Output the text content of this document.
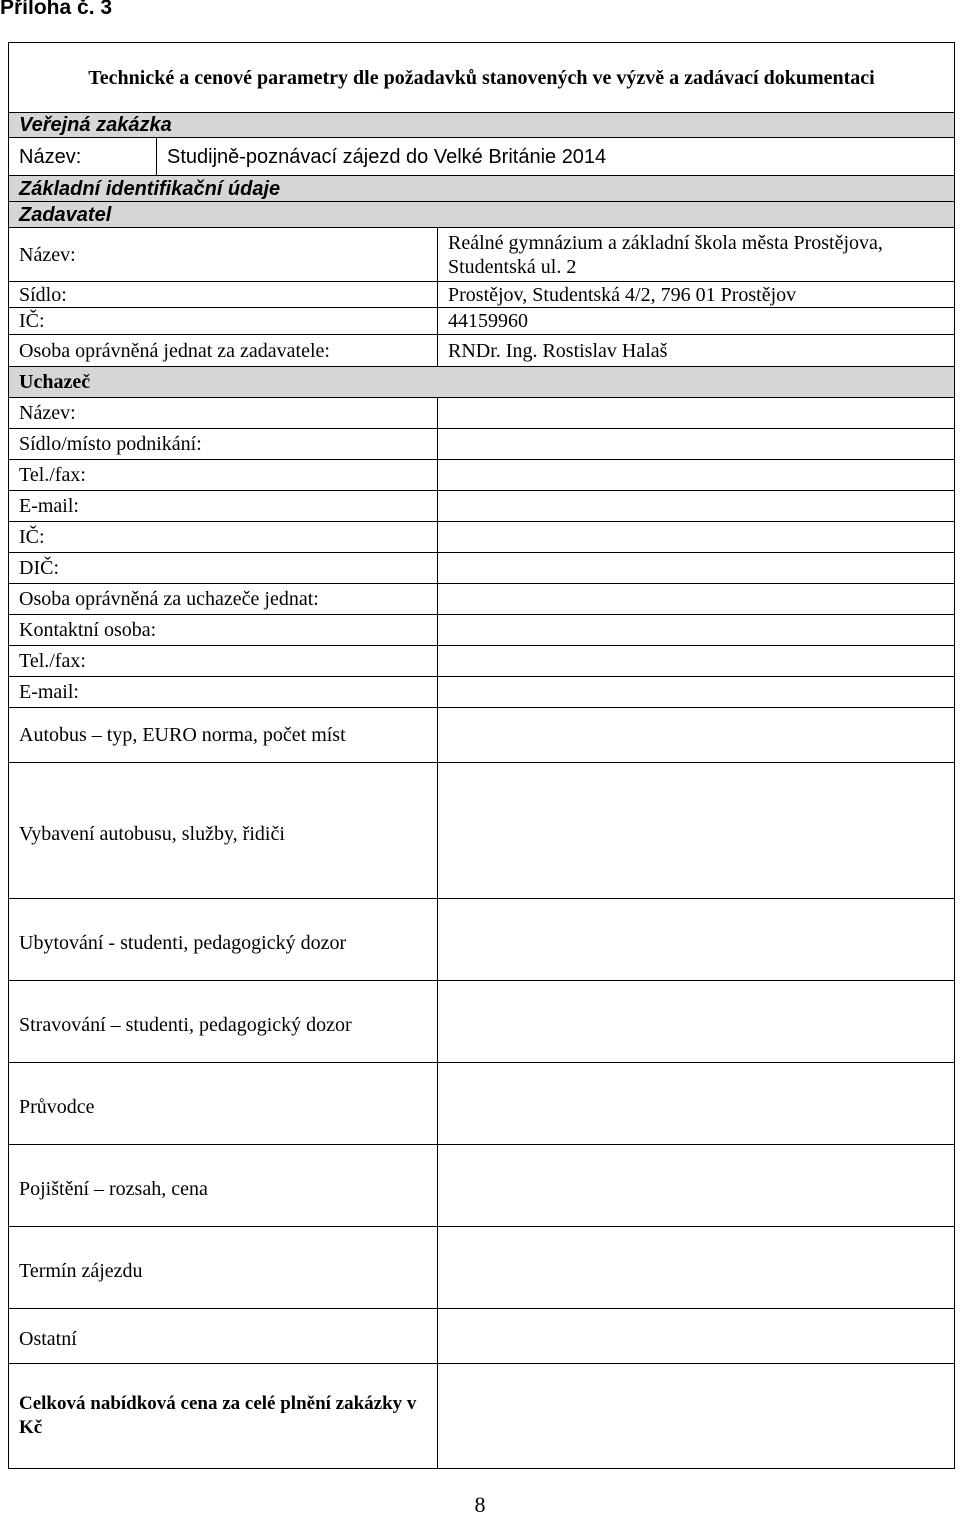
Příloha č. 3
Technické a cenové parametry dle požadavků stanovených ve výzvě a zadávací dokumentaci		
Veřejná zakázka		
Název:	Studijně-poznávací zájezd do Velké Británie 2014	
Základní identifikační údaje		
Zadavatel		
Název:		Reálné gymnázium a základní škola města Prostějova, Studentská ul. 2
Sídlo:		Prostějov, Studentská 4/2, 796 01 Prostějov
IČ:		44159960
Osoba oprávněná jednat za zadavatele:		RNDr. Ing. Rostislav Halaš
Uchazeč		
Název:		
Sídlo/místo podnikání:		
Tel./fax:		
E-mail:		
IČ:		
DIČ:		
Osoba oprávněná za uchazeče jednat:		
Kontaktní osoba:		
Tel./fax:		
E-mail:		
Autobus – typ, EURO norma, počet míst		
Vybavení autobusu, služby, řidiči		
Ubytování - studenti, pedagogický dozor		
Stravování – studenti, pedagogický dozor		
Průvodce		
Pojištění – rozsah, cena		
Termín zájezdu		
Ostatní		
Celková nabídková cena za celé plnění zakázky v Kč		
8
